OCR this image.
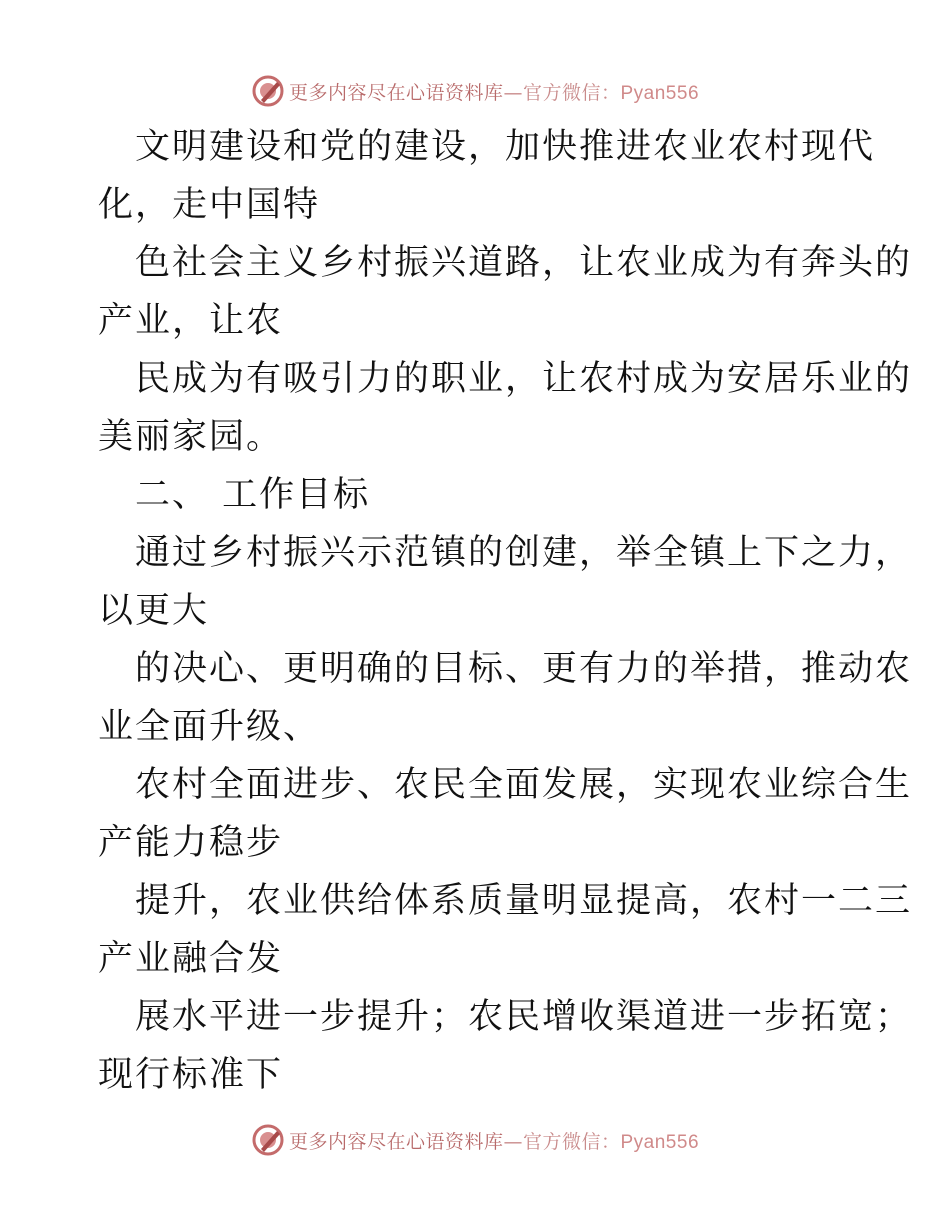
更多内容尽在心语资料库—官方微信：Pyan556
文明建设和党的建设，加快推进农业农村现代
化，走中国特
色社会主义乡村振兴道路，让农业成为有奔头的
产业，让农
民成为有吸引力的职业，让农村成为安居乐业的
美丽家园。
二、 工作目标
通过乡村振兴示范镇的创建，举全镇上下之力，
以更大
的决心、更明确的目标、更有力的举措，推动农
业全面升级、
农村全面进步、农民全面发展，实现农业综合生
产能力稳步
提升，农业供给体系质量明显提高，农村一二三
产业融合发
展水平进一步提升；农民增收渠道进一步拓宽；
现行标准下
更多内容尽在心语资料库—官方微信：Pyan556
